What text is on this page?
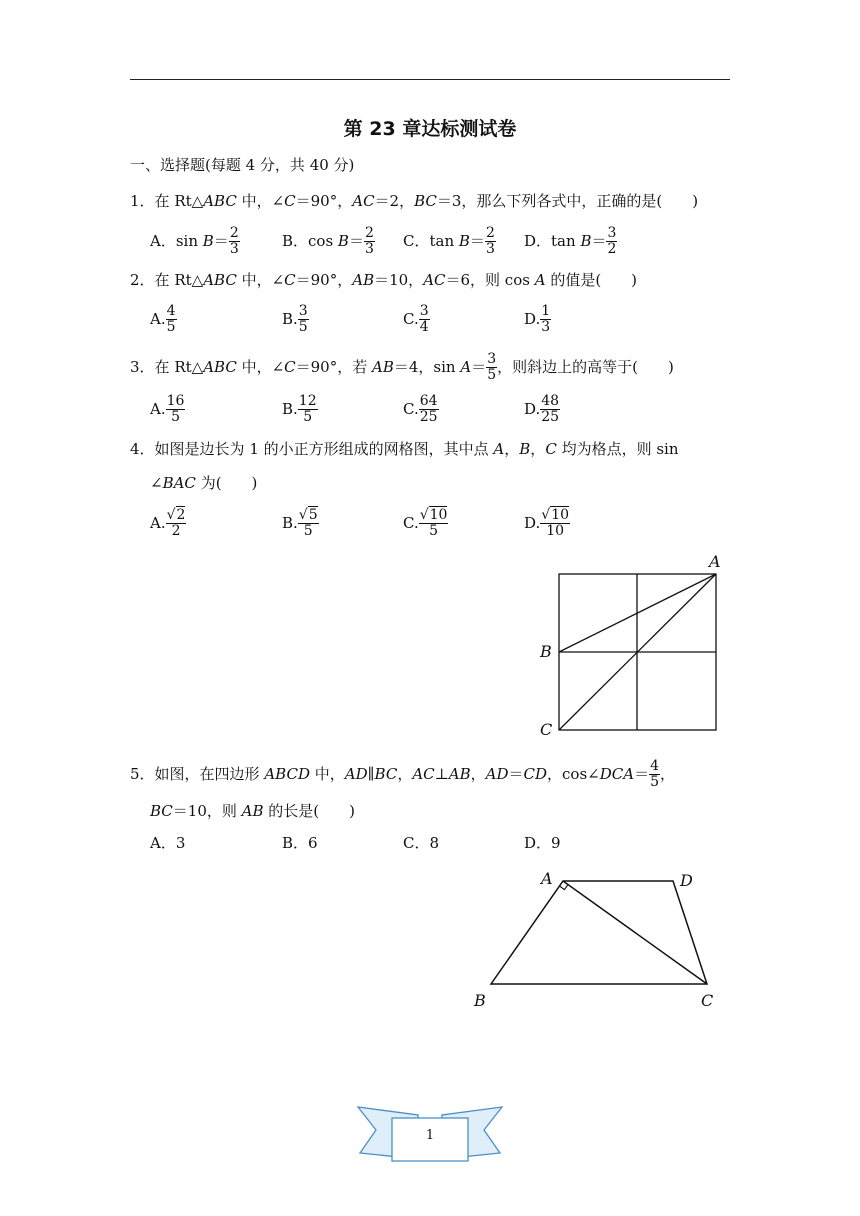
第 23 章达标测试卷
一、选择题(每题 4 分，共 40 分)
1．在 Rt△ABC 中，∠C＝90°，AC＝2，BC＝3，那么下列各式中，正确的是(　　)
A．$\sin B= \frac{2}{3}$	B．$\cos B= \frac{2}{3}$ C．$\tan B= \frac{2}{3}$ D．$\tan B= \frac{3}{2}$
2．在 Rt△ABC 中，∠C＝90°，AB＝10，AC＝6，则 cos A 的值是(　　)
A. $\frac{4}{5}$	B. $\frac{3}{5}$	C. $\frac{3}{4}$	D. $\frac{1}{3}$
3．在 Rt△ABC 中，∠C＝90°，若 AB＝4，$\sin A= \frac{3}{5}$ ，则斜边上的高等于(　　)
A. $\frac{16}{5}$	B. $\frac{12}{5}$	C. $\frac{64}{25}$	D. $\frac{48}{25}$
4．如图是边长为 1 的小正方形组成的网格图，其中点 A，B，C 均为格点，则 sin
∠BAC 为(　　)
A. $\frac{√2}{2}$	B. $\frac{√5}{5}$	C. $\frac{√10}{5}$	D. $\frac{√10}{10}$
A
B
C
5．如图，在四边形 ABCD 中，AD∥BC，AC⊥AB，AD＝CD，cos∠DCA＝ $\frac{4}{5}$ ，
BC＝10，则 AB 的长是(　　)
A．3	B．6	C．8	D．9
A	D
B	C
1
